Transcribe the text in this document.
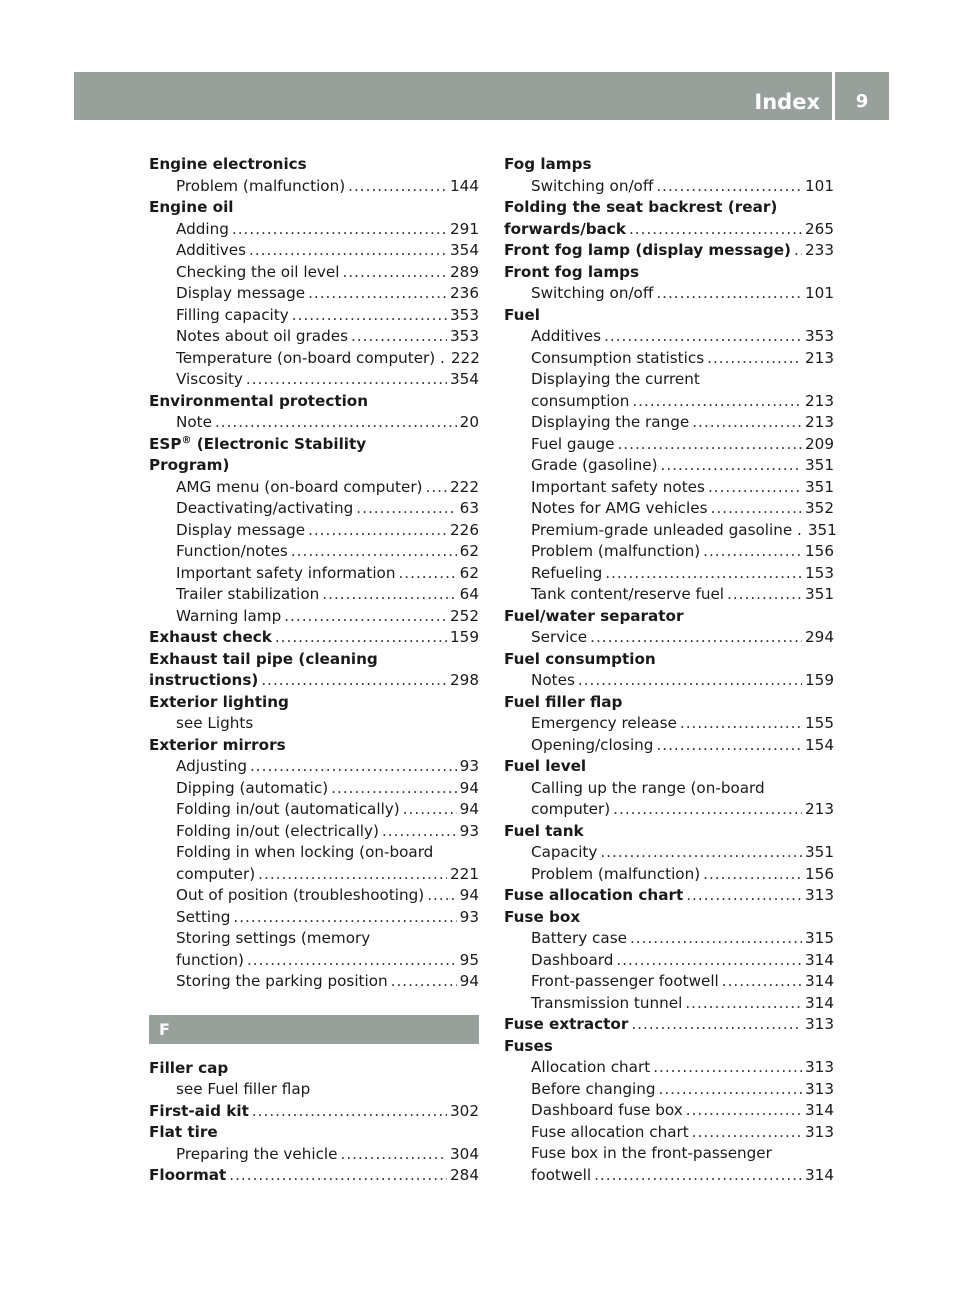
Index	9
Engine electronics
Problem (malfunction) .....	144
Engine oil
Adding .....	291
Additives .....	354
Checking the oil level .....	289
Display message .....	236
Filling capacity .....	353
Notes about oil grades .....	353
Temperature (on-board computer) . 222
Viscosity .....	354
Environmental protection
Note .....	20
ESP® (Electronic Stability
Program)
AMG menu (on-board computer) ..... 222
Deactivating/activating .....	63
Display message .....	226
Function/notes .....	62
Important safety information .....	62
Trailer stabilization .....	64
Warning lamp .....	252
Exhaust check .....	159
Exhaust tail pipe (cleaning
instructions) .....	298
Exterior lighting
see Lights
Exterior mirrors
Adjusting .....	93
Dipping (automatic) .....	94
Folding in/out (automatically) .....	94
Folding in/out (electrically) .....	93
Folding in when locking (on-board
computer) .....	221
Out of position (troubleshooting) ..... 94
Setting .....	93
Storing settings (memory
function) .....	95
Storing the parking position .....	94
F
Filler cap
see Fuel filler flap
First-aid kit .....	302
Flat tire
Preparing the vehicle .....	304
Floormat .....	284
Fog lamps
Switching on/off .....	101
Folding the seat backrest (rear)
forwards/back .....	265
Front fog lamp (display message) ..... 233
Front fog lamps
Switching on/off .....	101
Fuel
Additives .....	353
Consumption statistics .....	213
Displaying the current
consumption .....	213
Displaying the range .....	213
Fuel gauge .....	209
Grade (gasoline) .....	351
Important safety notes .....	351
Notes for AMG vehicles .....	352
Premium-grade unleaded gasoline . 351
Problem (malfunction) .....	156
Refueling .....	153
Tank content/reserve fuel .....	351
Fuel/water separator
Service .....	294
Fuel consumption
Notes .....	159
Fuel filler flap
Emergency release .....	155
Opening/closing .....	154
Fuel level
Calling up the range (on-board
computer) .....	213
Fuel tank
Capacity .....	351
Problem (malfunction) .....	156
Fuse allocation chart .....	313
Fuse box
Battery case .....	315
Dashboard .....	314
Front-passenger footwell .....	314
Transmission tunnel .....	314
Fuse extractor .....	313
Fuses
Allocation chart .....	313
Before changing .....	313
Dashboard fuse box .....	314
Fuse allocation chart .....	313
Fuse box in the front-passenger
footwell .....	314
